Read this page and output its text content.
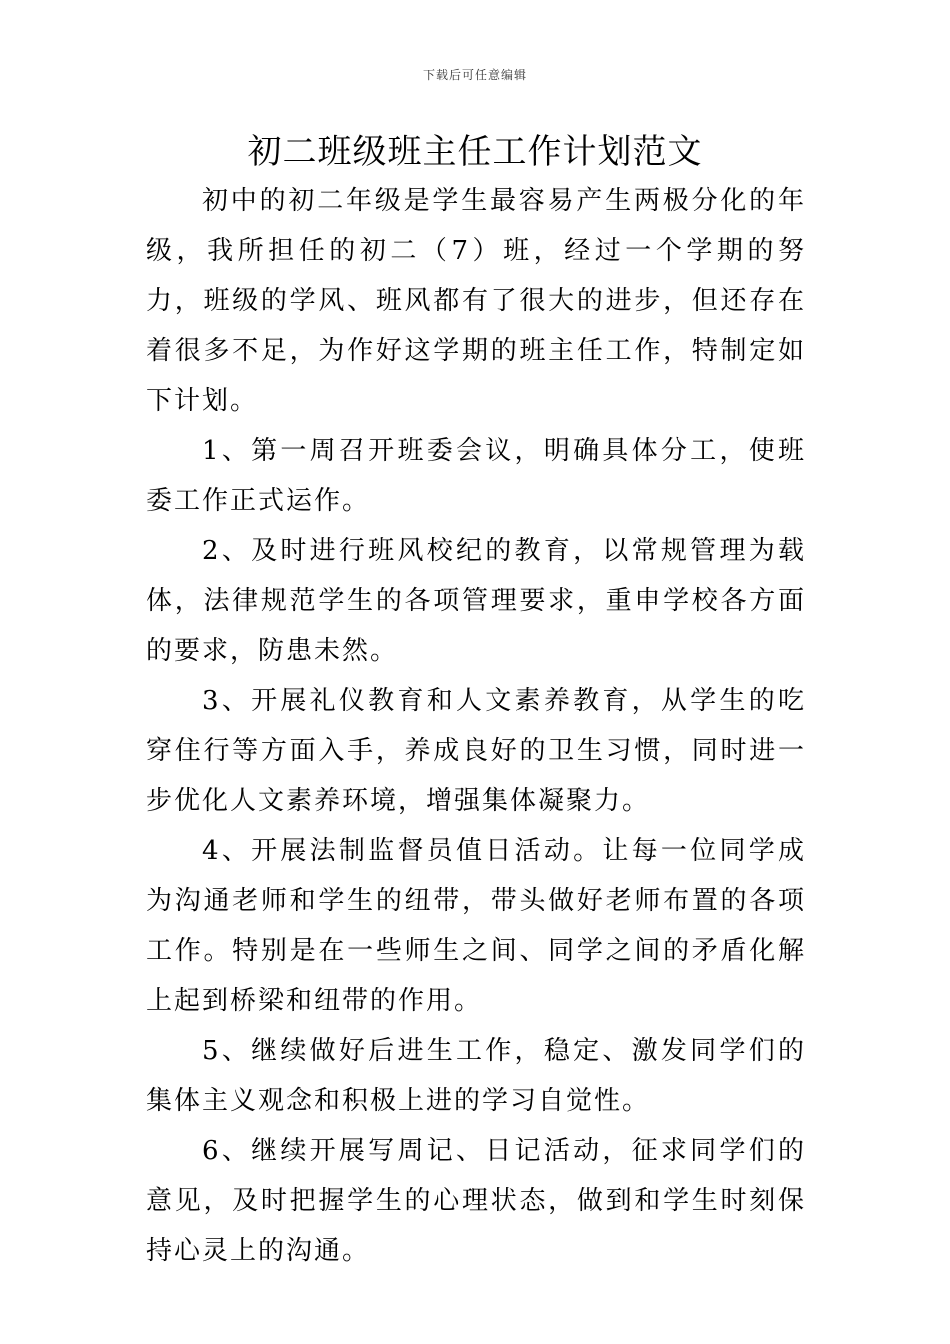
下载后可任意编辑
初二班级班主任工作计划范文

初中的初二年级是学生最容易产生两极分化的年级，我所担任的初二（7）班，经过一个学期的努力，班级的学风、班风都有了很大的进步，但还存在着很多不足，为作好这学期的班主任工作，特制定如下计划。

1、第一周召开班委会议，明确具体分工，使班委工作正式运作。

2、及时进行班风校纪的教育，以常规管理为载体，法律规范学生的各项管理要求，重申学校各方面的要求，防患未然。

3、开展礼仪教育和人文素养教育，从学生的吃穿住行等方面入手，养成良好的卫生习惯，同时进一步优化人文素养环境，增强集体凝聚力。

4、开展法制监督员值日活动。让每一位同学成为沟通老师和学生的纽带，带头做好老师布置的各项工作。特别是在一些师生之间、同学之间的矛盾化解上起到桥梁和纽带的作用。

5、继续做好后进生工作，稳定、激发同学们的集体主义观念和积极上进的学习自觉性。

6、继续开展写周记、日记活动，征求同学们的意见，及时把握学生的心理状态，做到和学生时刻保持心灵上的沟通。
